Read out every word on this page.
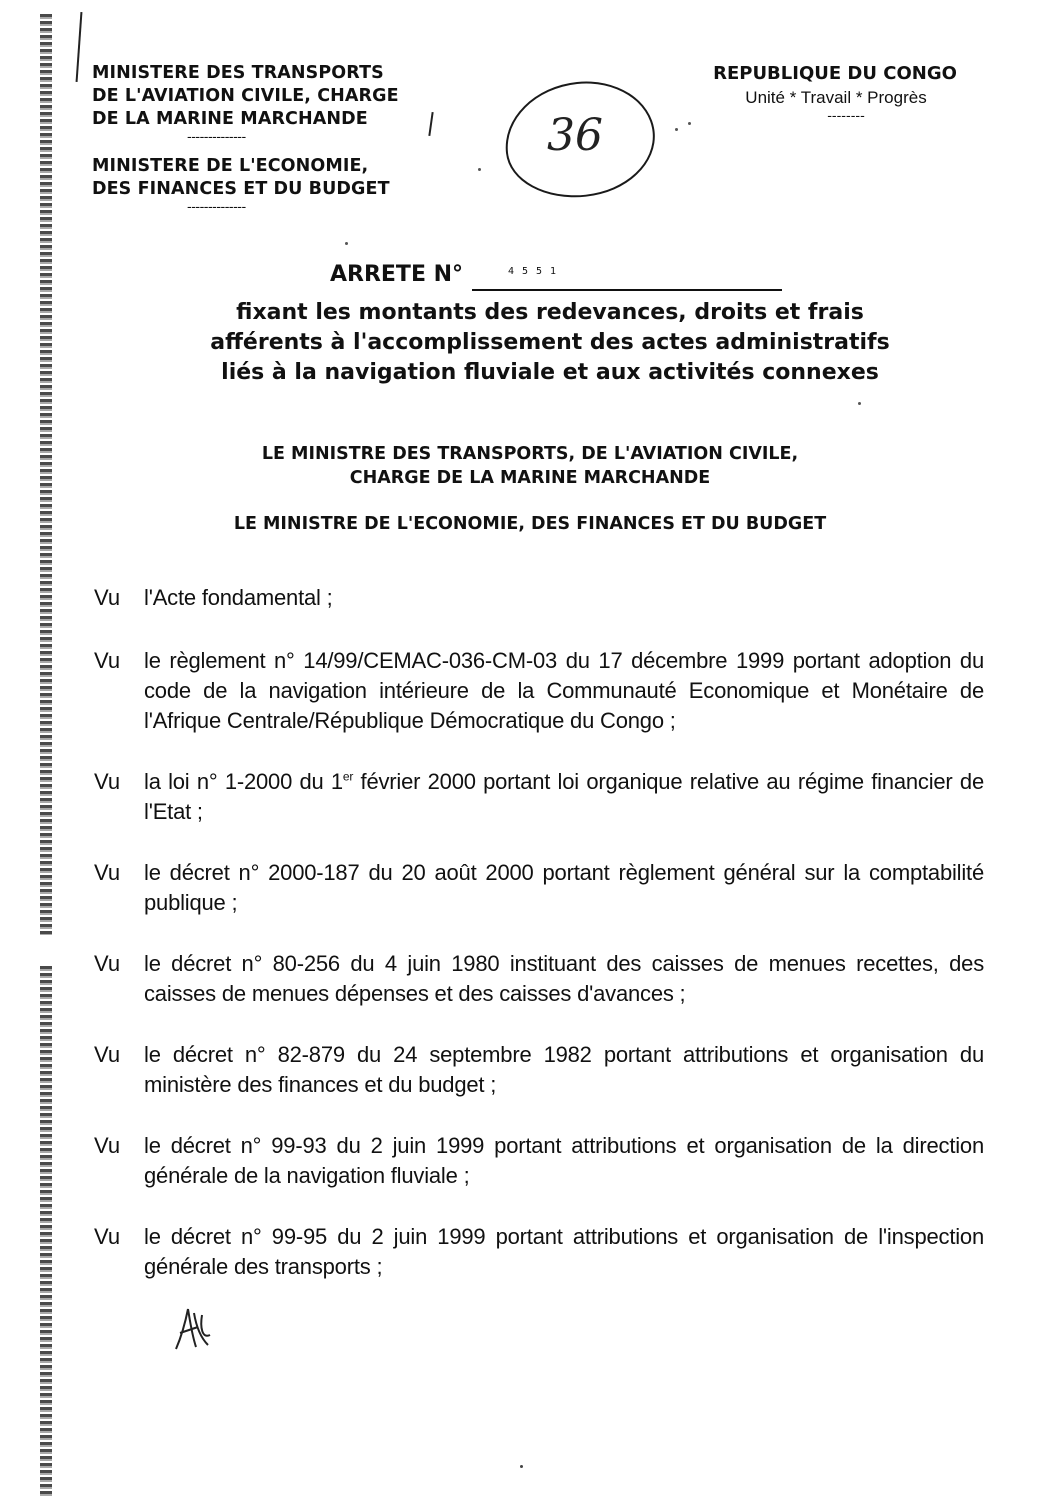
MINISTERE DES TRANSPORTS
DE L'AVIATION CIVILE, CHARGE
DE LA MARINE MARCHANDE
--------------
MINISTERE DE L'ECONOMIE,
DES FINANCES ET DU BUDGET
--------------
REPUBLIQUE DU CONGO
Unité * Travail * Progrès
--------
36
ARRETE N°	4551
fixant les montants des redevances, droits et frais
afférents à l'accomplissement des actes administratifs
liés à la navigation fluviale et aux activités connexes
LE MINISTRE DES TRANSPORTS, DE L'AVIATION CIVILE,
CHARGE DE LA MARINE MARCHANDE
LE MINISTRE DE L'ECONOMIE, DES FINANCES ET DU BUDGET
Vu l'Acte fondamental ;
Vu le règlement n° 14/99/CEMAC-036-CM-03 du 17 décembre 1999 portant adoption du code de la navigation intérieure de la Communauté Economique et Monétaire de l'Afrique Centrale/République Démocratique du Congo ;
Vu la loi n° 1-2000 du 1er février 2000 portant loi organique relative au régime financier de l'Etat ;
Vu le décret n° 2000-187 du 20 août 2000 portant règlement général sur la comptabilité publique ;
Vu le décret n° 80-256 du 4 juin 1980 instituant des caisses de menues recettes, des caisses de menues dépenses et des caisses d'avances ;
Vu le décret n° 82-879 du 24 septembre 1982 portant attributions et organisation du ministère des finances et du budget ;
Vu le décret n° 99-93 du 2 juin 1999 portant attributions et organisation de la direction générale de la navigation fluviale ;
Vu le décret n° 99-95 du 2 juin 1999 portant attributions et organisation de l'inspection générale des transports ;
